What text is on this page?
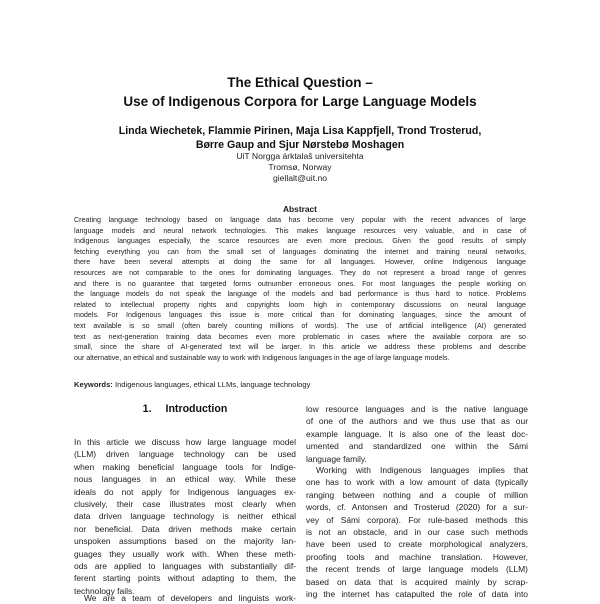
The Ethical Question –
Use of Indigenous Corpora for Large Language Models
Linda Wiechetek, Flammie Pirinen, Maja Lisa Kappfjell, Trond Trosterud,
Børre Gaup and Sjur Nørstebø Moshagen
UiT Norgga árktalaš universitehta
Tromsø, Norway
giellalt@uit.no
Abstract
Creating language technology based on language data has become very popular with the recent advances of large
language models and neural network technologies. This makes language resources very valuable, and in case of
Indigenous languages especially, the scarce resources are even more precious. Given the good results of simply
fetching everything you can from the small set of languages dominating the internet and training neural networks,
there have been several attempts at doing the same for all languages. However, online Indigenous language
resources are not comparable to the ones for dominating languages. They do not represent a broad range of genres
and there is no guarantee that targeted forms outnumber erroneous ones. For most languages the people working on
the language models do not speak the language of the models and bad performance is thus hard to notice. Problems
related to intellectual property rights and copyrights loom high in contemporary discussions on neural language
models. For Indigenous languages this issue is more critical than for dominating languages, since the amount of
text available is so small (often barely counting millions of words). The use of artificial intelligence (AI) generated
text as next-generation training data becomes even more problematic in cases where the available corpora are so
small, since the share of AI-generated text will be larger. In this article we address these problems and describe
our alternative, an ethical and sustainable way to work with Indigenous languages in the age of large language models.
Keywords: Indigenous languages, ethical LLMs, language technology
1. Introduction
In this article we discuss how large language model
(LLM) driven language technology can be used
when making beneficial language tools for Indige-
nous languages in an ethical way. While these
ideals do not apply for Indigenous languages ex-
clusively, their case illustrates most clearly when
data driven language technology is neither ethical
nor beneficial. Data driven methods make certain
unspoken assumptions based on the majority lan-
guages they usually work with. When these meth-
ods are applied to languages with substantially dif-
ferent starting points without adapting to them, the
technology fails.
We are a team of developers and linguists work-
low resource languages and is the native language
of one of the authors and we thus use that as our
example language. It is also one of the least doc-
umented and standardized one within the Sámi
language family.
Working with Indigenous languages implies that
one has to work with a low amount of data (typically
ranging between nothing and a couple of million
words, cf. Antonsen and Trosterud (2020) for a sur-
vey of Sámi corpora). For rule-based methods this
is not an obstacle, and in our case such methods
have been used to create morphological analyzers,
proofing tools and machine translation. However,
the recent trends of large language models (LLM)
based on data that is acquired mainly by scrap-
ing the internet has catapulted the role of data into
